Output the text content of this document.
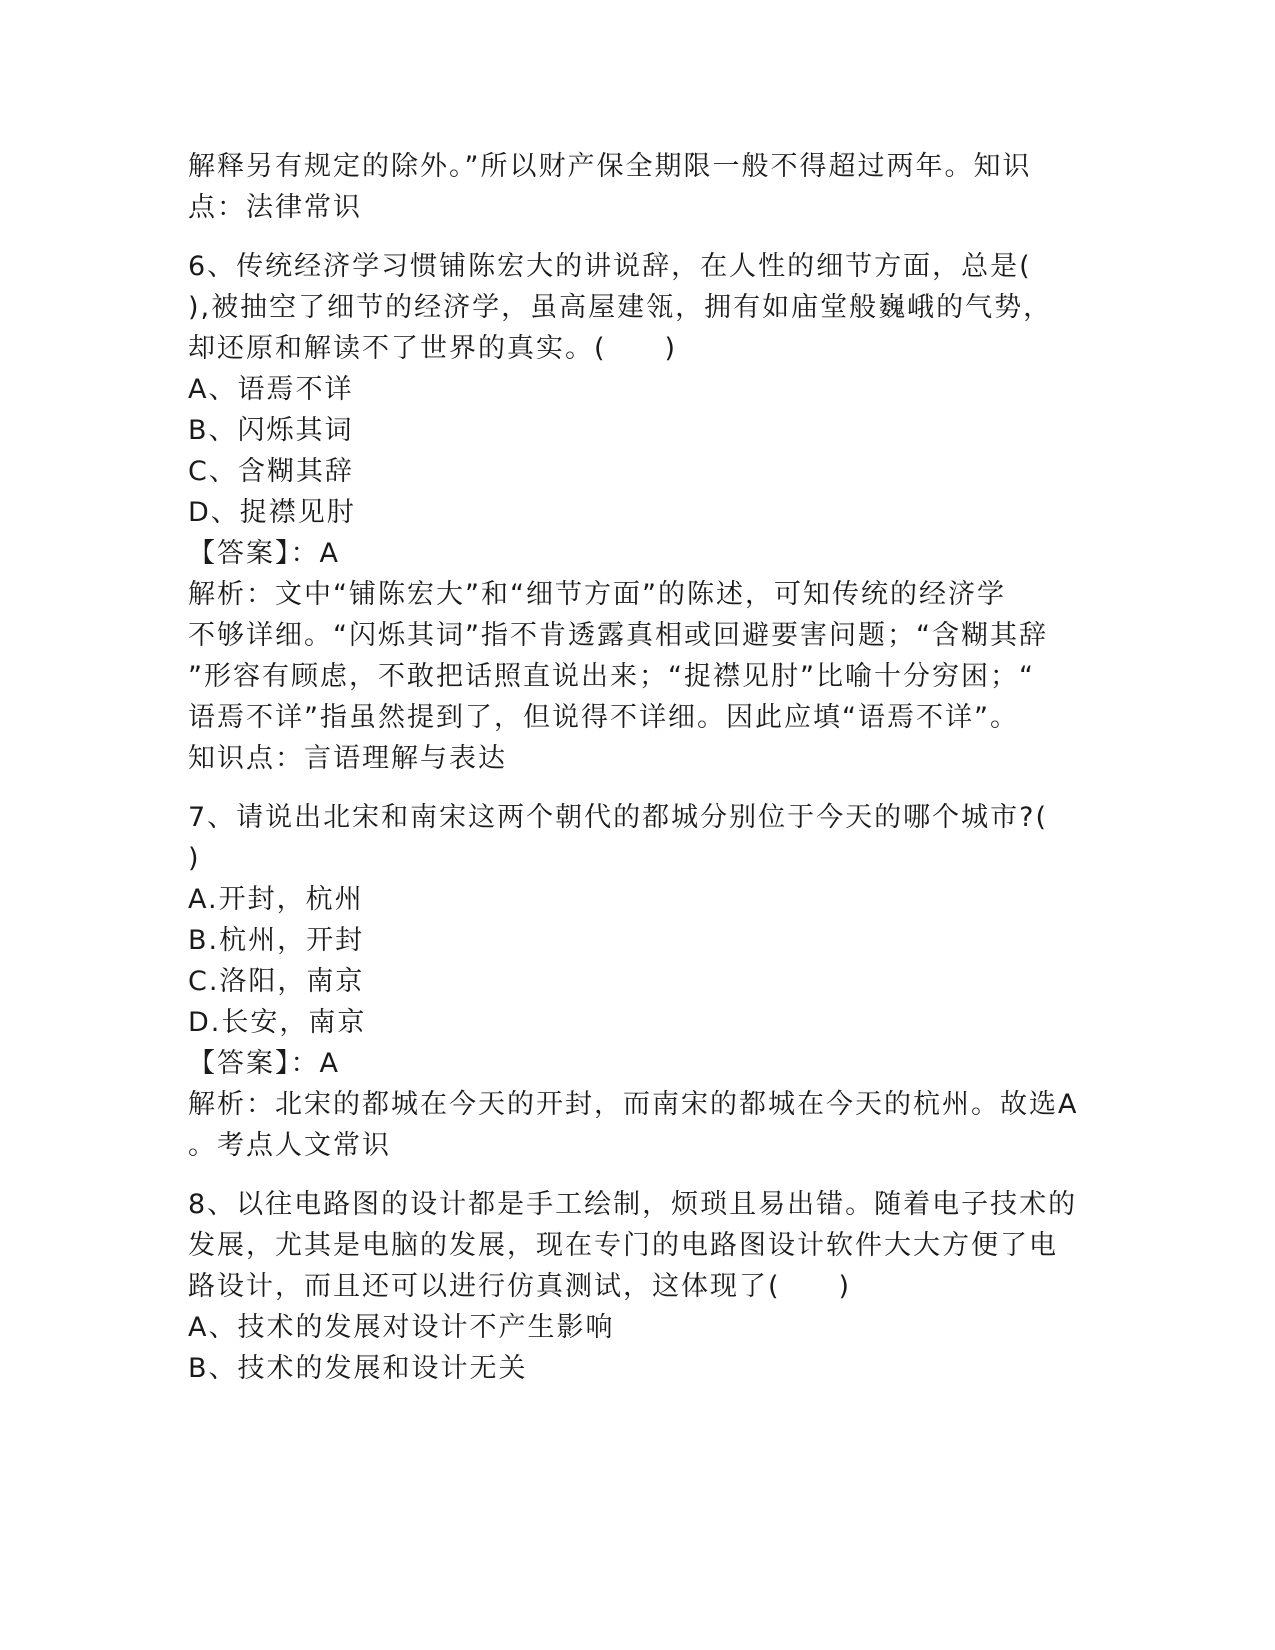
解释另有规定的除外。”所以财产保全期限一般不得超过两年。知识
点：法律常识
6、传统经济学习惯铺陈宏大的讲说辞，在人性的细节方面，总是(
),被抽空了细节的经济学，虽高屋建瓴，拥有如庙堂般巍峨的气势，
却还原和解读不了世界的真实。(　　)
A、语焉不详
B、闪烁其词
C、含糊其辞
D、捉襟见肘
【答案】：A
解析：文中“铺陈宏大”和“细节方面”的陈述，可知传统的经济学
不够详细。“闪烁其词”指不肯透露真相或回避要害问题；“含糊其辞
”形容有顾虑，不敢把话照直说出来；“捉襟见肘”比喻十分穷困；“
语焉不详”指虽然提到了，但说得不详细。因此应填“语焉不详”。
知识点：言语理解与表达
7、请说出北宋和南宋这两个朝代的都城分别位于今天的哪个城市?(
)
A.开封，杭州
B.杭州，开封
C.洛阳，南京
D.长安，南京
【答案】：A
解析：北宋的都城在今天的开封，而南宋的都城在今天的杭州。故选A
。考点人文常识
8、以往电路图的设计都是手工绘制，烦琐且易出错。随着电子技术的
发展，尤其是电脑的发展，现在专门的电路图设计软件大大方便了电
路设计，而且还可以进行仿真测试，这体现了(　　)
A、技术的发展对设计不产生影响
B、技术的发展和设计无关
